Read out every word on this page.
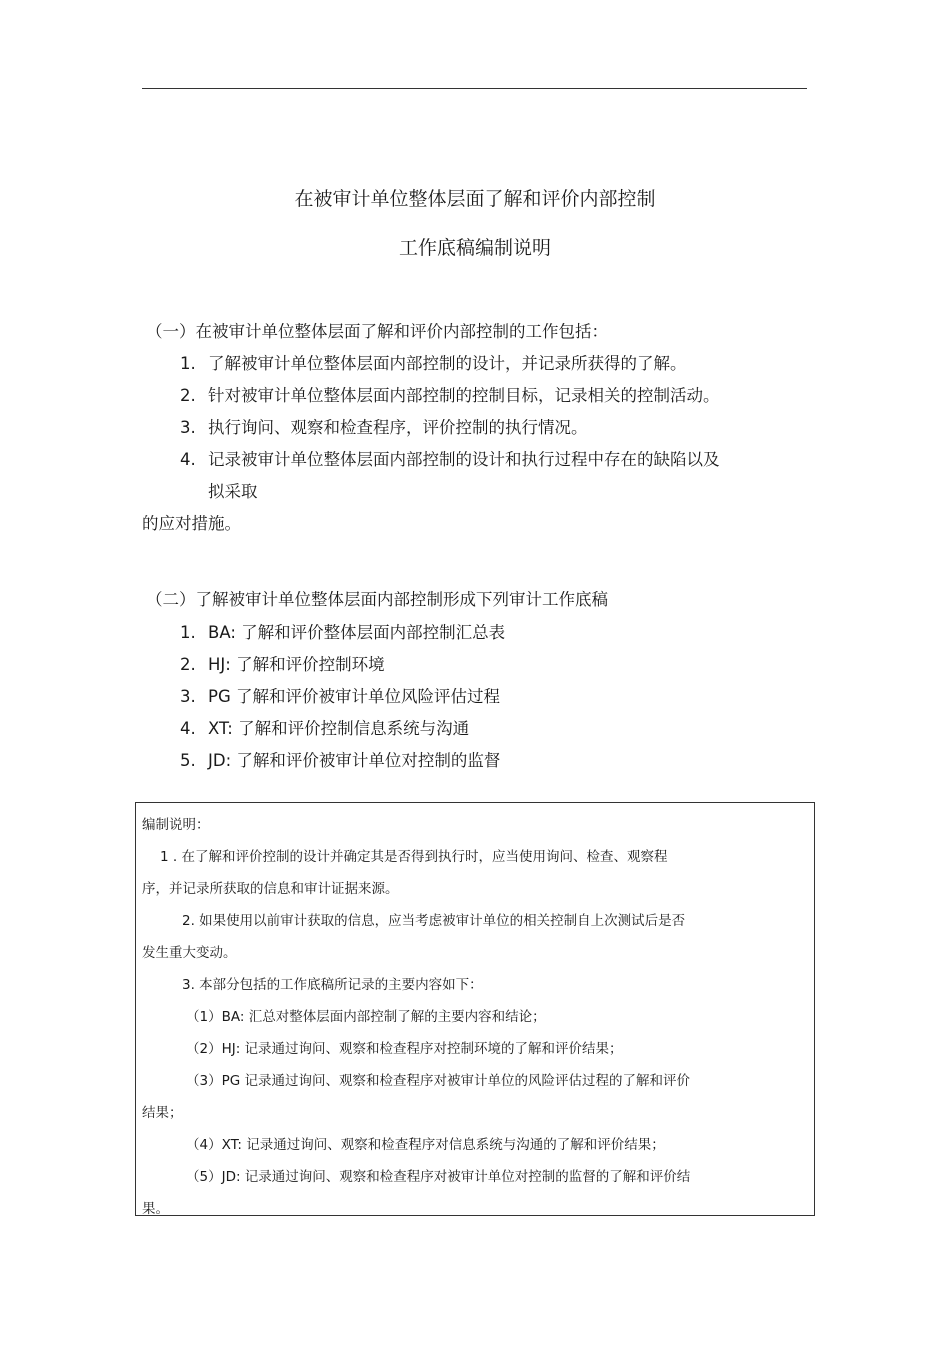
在被审计单位整体层面了解和评价内部控制
工作底稿编制说明
（一）在被审计单位整体层面了解和评价内部控制的工作包括：
1. 了解被审计单位整体层面内部控制的设计，并记录所获得的了解。
2. 针对被审计单位整体层面内部控制的控制目标，记录相关的控制活动。
3. 执行询问、观察和检查程序，评价控制的执行情况。
4. 记录被审计单位整体层面内部控制的设计和执行过程中存在的缺陷以及
拟采取
的应对措施。
（二）了解被审计单位整体层面内部控制形成下列审计工作底稿
1. BA: 了解和评价整体层面内部控制汇总表
2. HJ: 了解和评价控制环境
3. PG 了解和评价被审计单位风险评估过程
4. XT: 了解和评价控制信息系统与沟通
5. JD: 了解和评价被审计单位对控制的监督
编制说明：
1 . 在了解和评价控制的设计并确定其是否得到执行时，应当使用询问、检查、观察程
序，并记录所获取的信息和审计证据来源。
2. 如果使用以前审计获取的信息，应当考虑被审计单位的相关控制自上次测试后是否
发生重大变动。
3. 本部分包括的工作底稿所记录的主要内容如下：
（1）BA: 汇总对整体层面内部控制了解的主要内容和结论；
（2）HJ: 记录通过询问、观察和检查程序对控制环境的了解和评价结果；
（3）PG 记录通过询问、观察和检查程序对被审计单位的风险评估过程的了解和评价
结果；
（4）XT: 记录通过询问、观察和检查程序对信息系统与沟通的了解和评价结果；
（5）JD: 记录通过询问、观察和检查程序对被审计单位对控制的监督的了解和评价结
果。
